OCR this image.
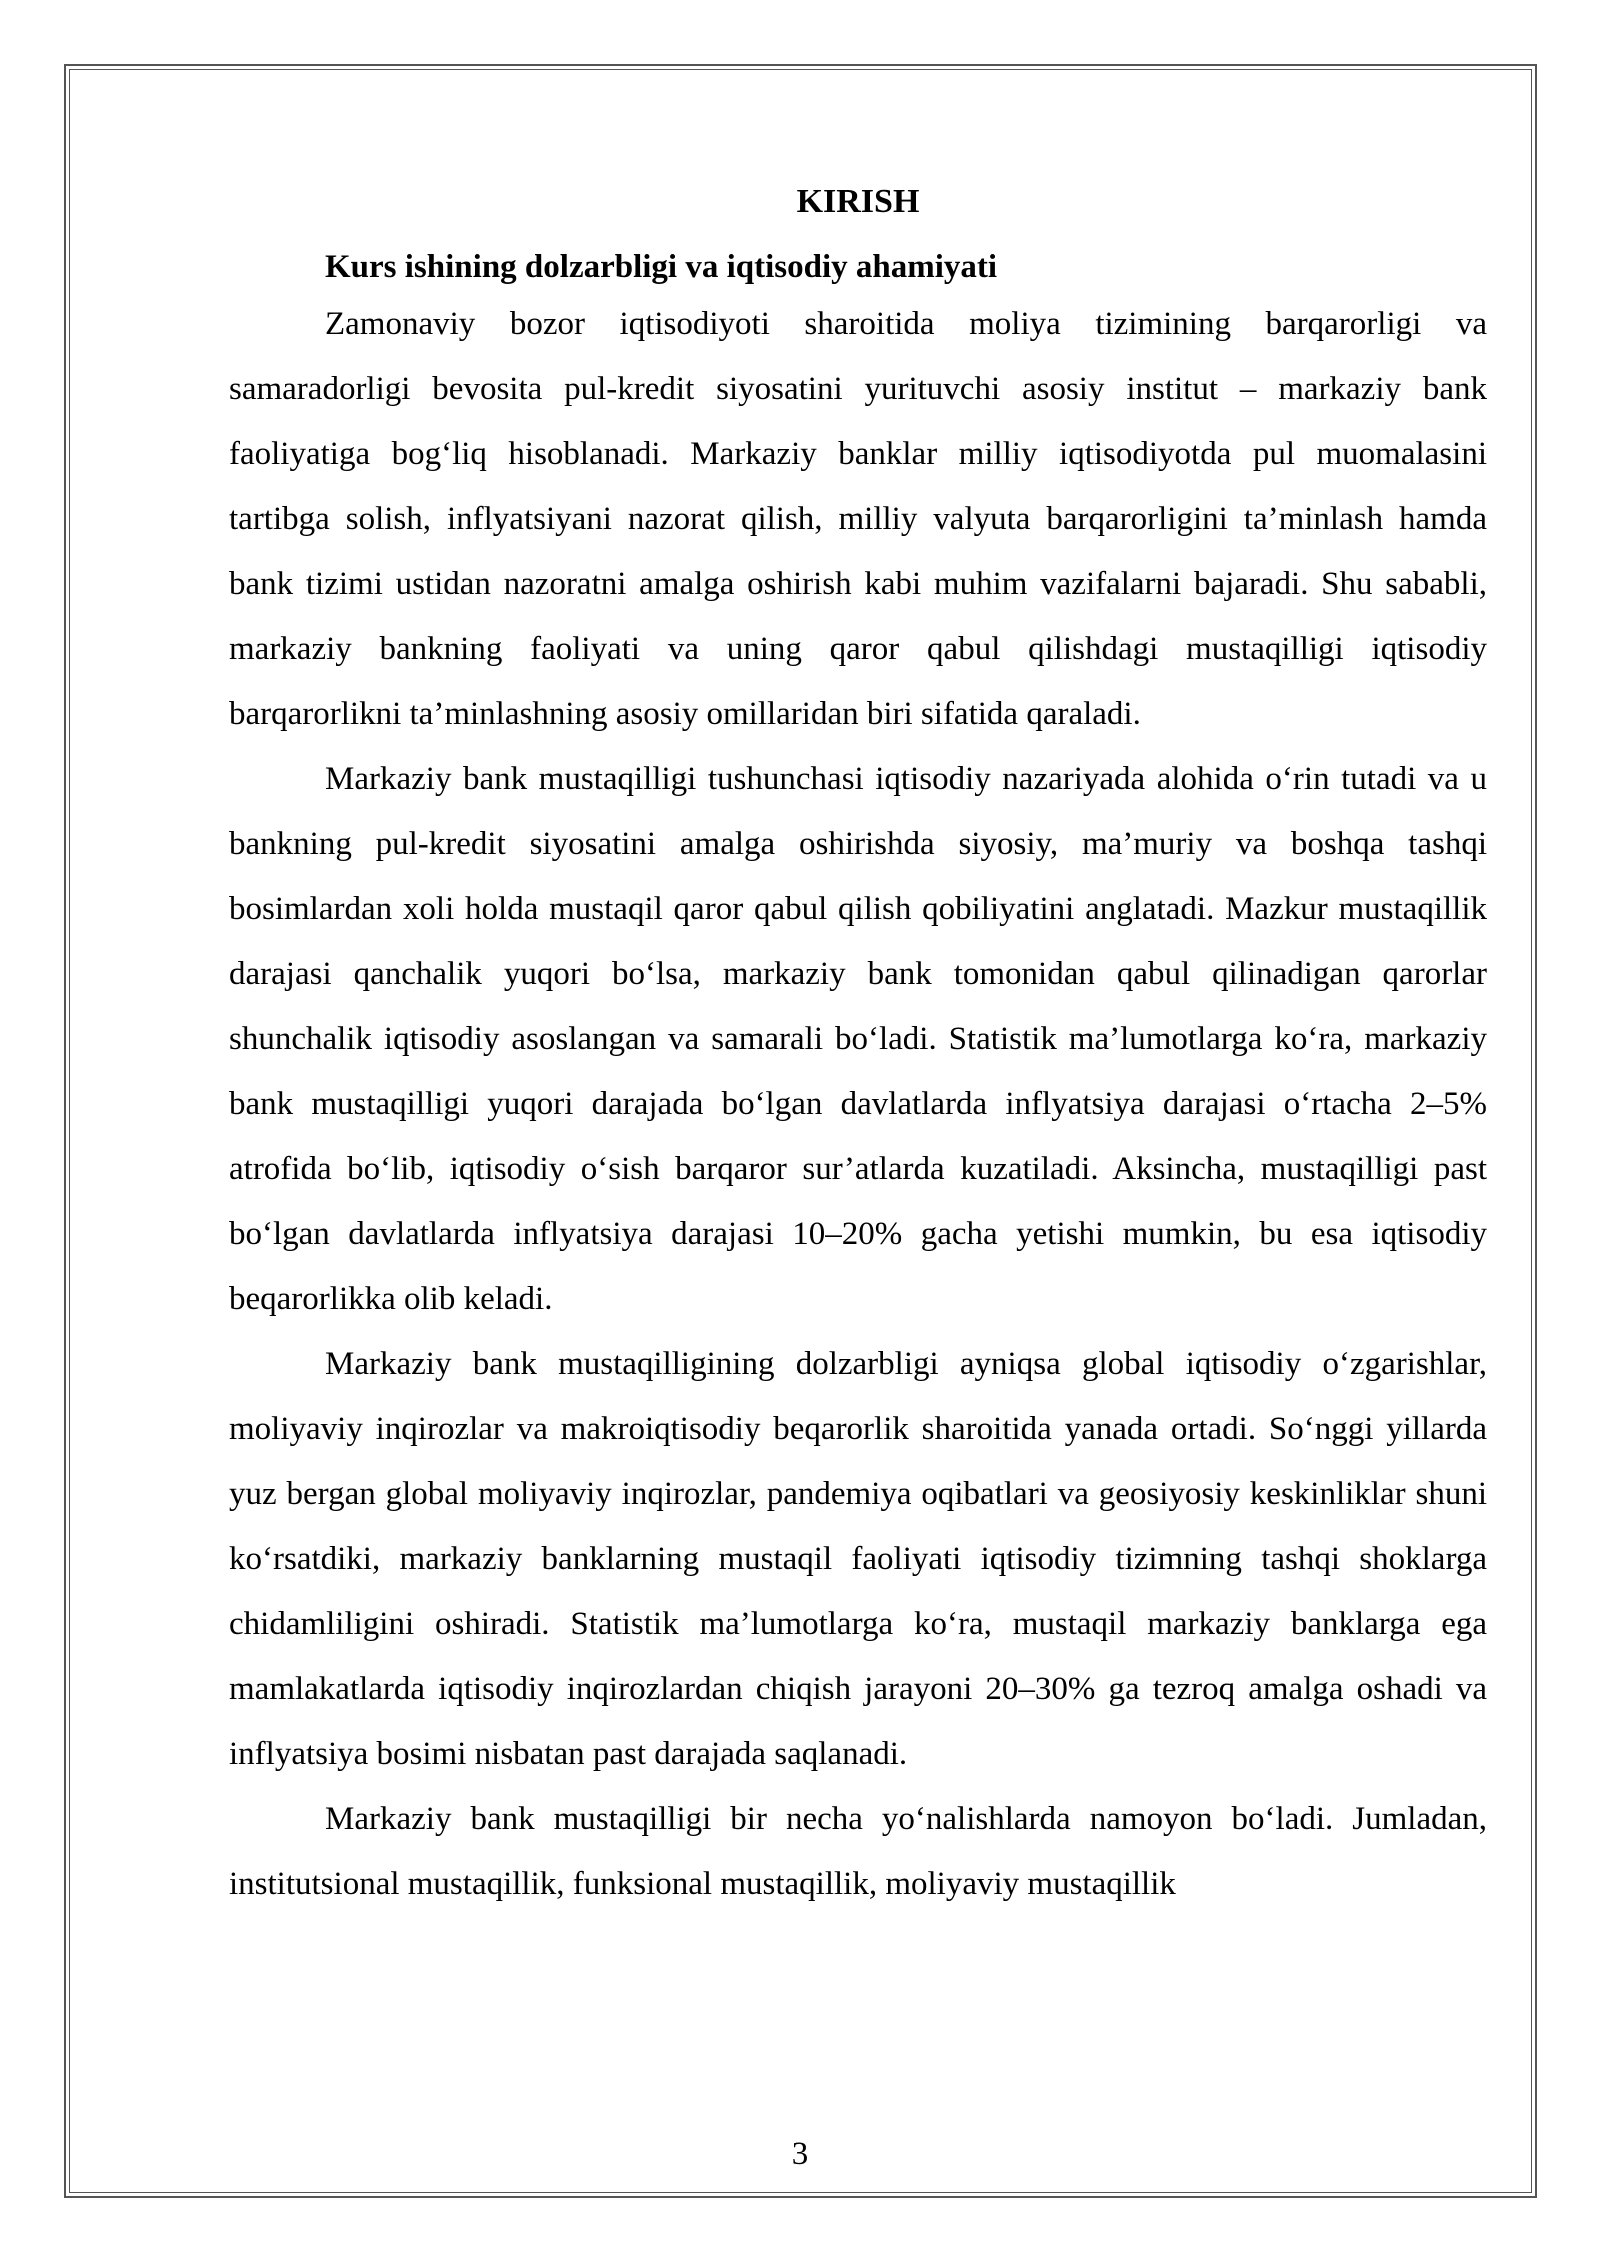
KIRISH
Kurs ishining dolzarbligi va iqtisodiy ahamiyati

Zamonaviy bozor iqtisodiyoti sharoitida moliya tizimining barqarorligi va samaradorligi bevosita pul-kredit siyosatini yurituvchi asosiy institut – markaziy bank faoliyatiga bog‘liq hisoblanadi. Markaziy banklar milliy iqtisodiyotda pul muomalasini tartibga solish, inflyatsiyani nazorat qilish, milliy valyuta barqarorligini ta’minlash hamda bank tizimi ustidan nazoratni amalga oshirish kabi muhim vazifalarni bajaradi. Shu sababli, markaziy bankning faoliyati va uning qaror qabul qilishdagi mustaqilligi iqtisodiy barqarorlikni ta’minlashning asosiy omillaridan biri sifatida qaraladi.

Markaziy bank mustaqilligi tushunchasi iqtisodiy nazariyada alohida o‘rin tutadi va u bankning pul-kredit siyosatini amalga oshirishda siyosiy, ma’muriy va boshqa tashqi bosimlardan xoli holda mustaqil qaror qabul qilish qobiliyatini anglatadi. Mazkur mustaqillik darajasi qanchalik yuqori bo‘lsa, markaziy bank tomonidan qabul qilinadigan qarorlar shunchalik iqtisodiy asoslangan va samarali bo‘ladi. Statistik ma’lumotlarga ko‘ra, markaziy bank mustaqilligi yuqori darajada bo‘lgan davlatlarda inflyatsiya darajasi o‘rtacha 2–5% atrofida bo‘lib, iqtisodiy o‘sish barqaror sur’atlarda kuzatiladi. Aksincha, mustaqilligi past bo‘lgan davlatlarda inflyatsiya darajasi 10–20% gacha yetishi mumkin, bu esa iqtisodiy beqarorlikka olib keladi.

Markaziy bank mustaqilligining dolzarbligi ayniqsa global iqtisodiy o‘zgarishlar, moliyaviy inqirozlar va makroiqtisodiy beqarorlik sharoitida yanada ortadi. So‘nggi yillarda yuz bergan global moliyaviy inqirozlar, pandemiya oqibatlari va geosiyosiy keskinliklar shuni ko‘rsatdiki, markaziy banklarning mustaqil faoliyati iqtisodiy tizimning tashqi shoklarga chidamliligini oshiradi. Statistik ma’lumotlarga ko‘ra, mustaqil markaziy banklarga ega mamlakatlarda iqtisodiy inqirozlardan chiqish jarayoni 20–30% ga tezroq amalga oshadi va inflyatsiya bosimi nisbatan past darajada saqlanadi.

Markaziy bank mustaqilligi bir necha yo‘nalishlarda namoyon bo‘ladi. Jumladan, institutsional mustaqillik, funksional mustaqillik, moliyaviy mustaqillik

3
